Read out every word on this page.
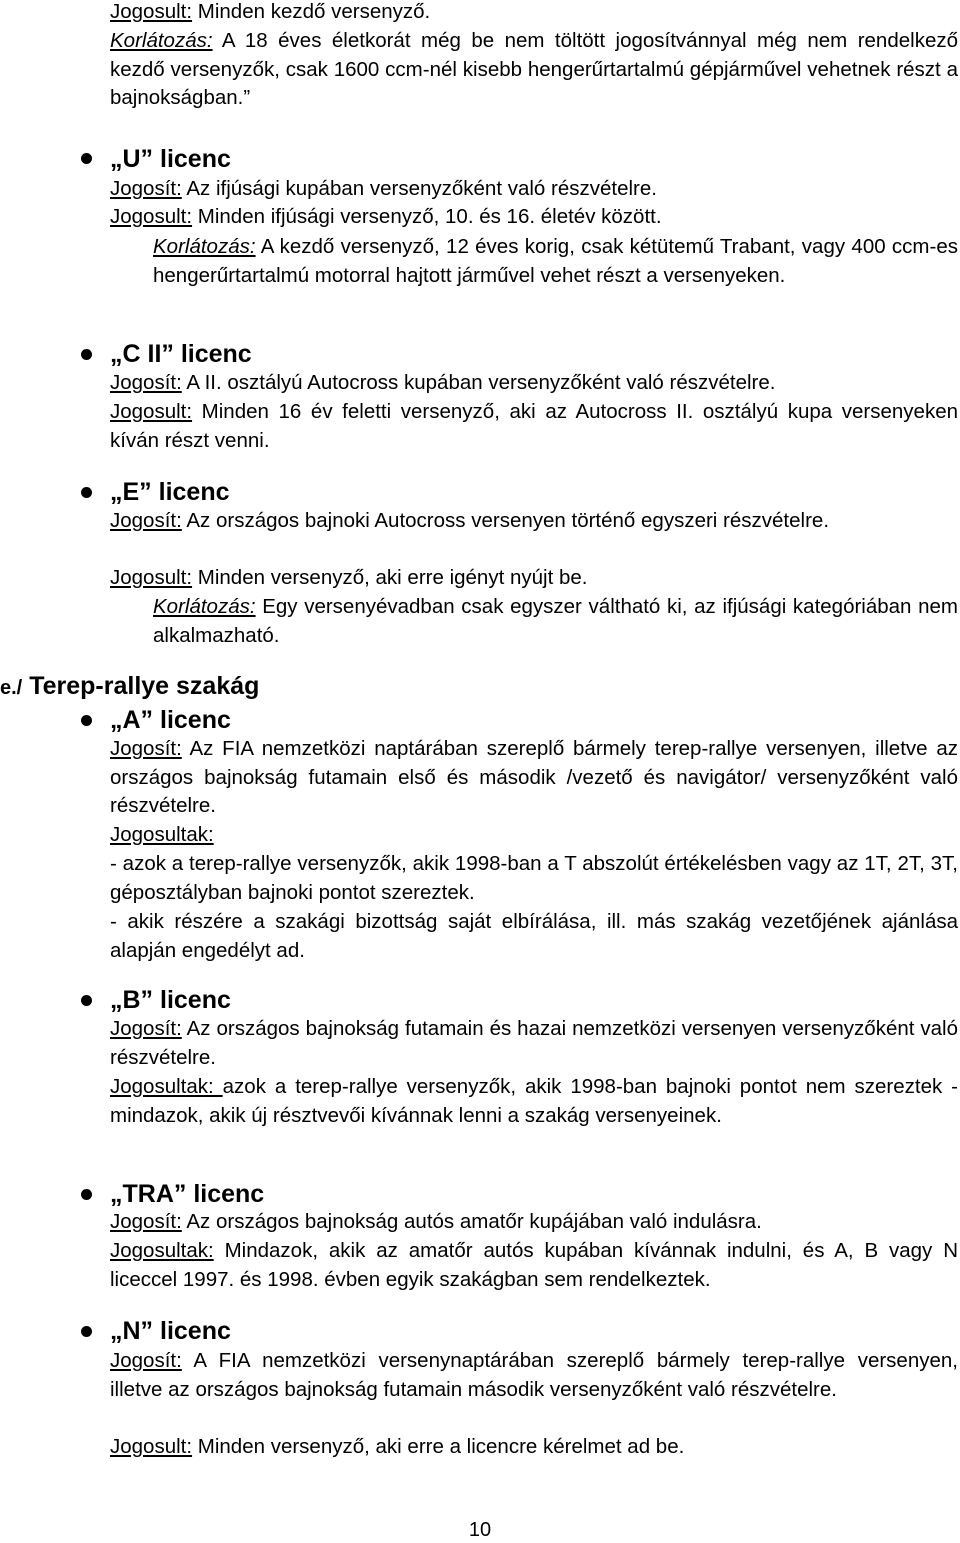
Jogosult: Minden kezdő versenyző.
Korlátozás: A 18 éves életkorát még be nem töltött jogosítvánnyal még nem rendelkező kezdő versenyzők, csak 1600 ccm-nél kisebb hengerűrtartalmú gépjárművel vehetnek részt a bajnokságban.”
„U” licenc
Jogosít: Az ifjúsági kupában versenyzőként való részvételre.
Jogosult: Minden ifjúsági versenyző, 10. és 16. életév között.
Korlátozás: A kezdő versenyző, 12 éves korig, csak kétütemű Trabant, vagy 400 ccm-es hengerűrtartalmú motorral hajtott járművel vehet részt a versenyeken.
„C II” licenc
Jogosít: A II. osztályú Autocross kupában versenyzőként való részvételre.
Jogosult: Minden 16 év feletti versenyző, aki az Autocross II. osztályú kupa versenyeken kíván részt venni.
„E” licenc
Jogosít: Az országos bajnoki Autocross versenyen történő egyszeri részvételre.
Jogosult: Minden versenyző, aki erre igényt nyújt be.
Korlátozás: Egy versenyévadban csak egyszer váltható ki, az ifjúsági kategóriában nem alkalmazható.
e./ Terep-rallye szakág
„A” licenc
Jogosít: Az FIA nemzetközi naptárában szereplő bármely terep-rallye versenyen, illetve az országos bajnokság futamain első és második /vezető és navigátor/ versenyzőként való részvételre.
Jogosultak:
- azok a terep-rallye versenyzők, akik 1998-ban a T abszolút értékelésben vagy az 1T, 2T, 3T, géposztályban bajnoki pontot szereztek.
- akik részére a szakági bizottság saját elbírálása, ill. más szakág vezetőjének ajánlása alapján engedélyt ad.
„B” licenc
Jogosít: Az országos bajnokság futamain és hazai nemzetközi versenyen versenyzőként való részvételre.
Jogosultak: azok a terep-rallye versenyzők, akik 1998-ban bajnoki pontot nem szereztek - mindazok, akik új résztvevői kívánnak lenni a szakág versenyeinek.
„TRA” licenc
Jogosít: Az országos bajnokság autós amatőr kupájában való indulásra.
Jogosultak: Mindazok, akik az amatőr autós kupában kívánnak indulni, és A, B vagy N liceccel 1997. és 1998. évben egyik szakágban sem rendelkeztek.
„N” licenc
Jogosít: A FIA nemzetközi versenynaptárában szereplő bármely terep-rallye versenyen, illetve az országos bajnokság futamain második versenyzőként való részvételre.
Jogosult: Minden versenyző, aki erre a licencre kérelmet ad be.
10
